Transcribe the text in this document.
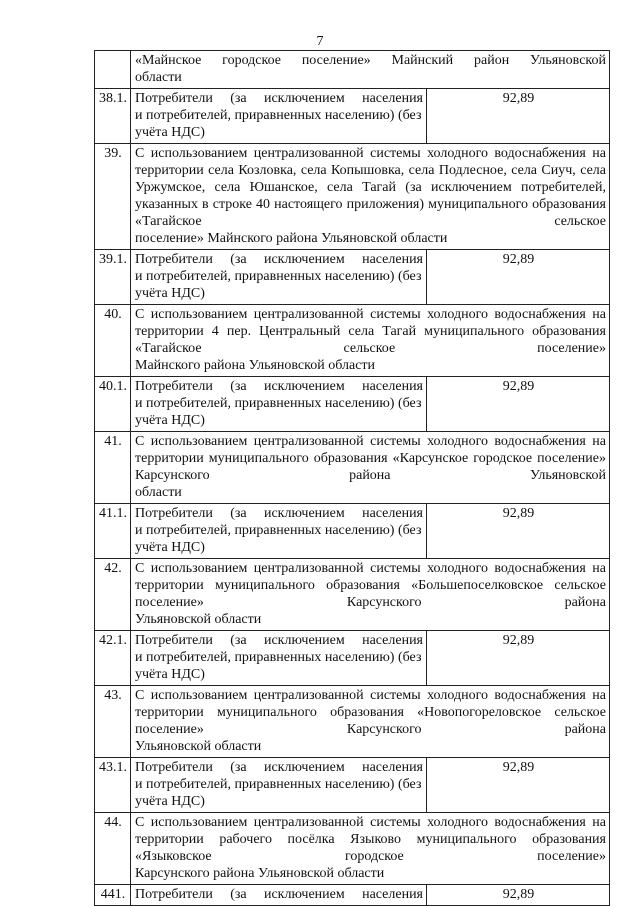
7
	«Майнское городское поселение» Майнский район Ульяновской
области	

38.1.	Потребители (за исключением населения
и потребителей, приравненных населению) (без учёта НДС)	92,89
39.	С использованием централизованной системы холодного водоснабжения на территории села Козловка, села Копышовка, села Подлесное, села Сиуч, села Уржумское, села Юшанское, села Тагай (за исключением потребителей, указанных в строке 40 настоящего приложения) муниципального образования «Тагайское сельское
поселение» Майнского района Ульяновской области	

39.1.	Потребители (за исключением населения
и потребителей, приравненных населению) (без учёта НДС)	92,89
40.	С использованием централизованной системы холодного водоснабжения на территории 4 пер. Центральный села Тагай муниципального образования «Тагайское сельское поселение»
Майнского района Ульяновской области	

40.1.	Потребители (за исключением населения
и потребителей, приравненных населению) (без учёта НДС)	92,89
41.	С использованием централизованной системы холодного водоснабжения на территории муниципального образования «Карсунское городское поселение» Карсунского района Ульяновской
области	

41.1.	Потребители (за исключением населения
и потребителей, приравненных населению) (без учёта НДС)	92,89
42.	С использованием централизованной системы холодного водоснабжения на территории муниципального образования «Большепоселковское сельское поселение» Карсунского района
Ульяновской области	

42.1.	Потребители (за исключением населения
и потребителей, приравненных населению) (без учёта НДС)	92,89
43.	С использованием централизованной системы холодного водоснабжения на территории муниципального образования «Новопогореловское сельское поселение» Карсунского района
Ульяновской области	

43.1.	Потребители (за исключением населения
и потребителей, приравненных населению) (без учёта НДС)	92,89
44.	С использованием централизованной системы холодного водоснабжения на территории рабочего посёлка Языково муниципального образования «Языковское городское поселение»
Карсунского района Ульяновской области	

441.	Потребители (за исключением населения	92,89
